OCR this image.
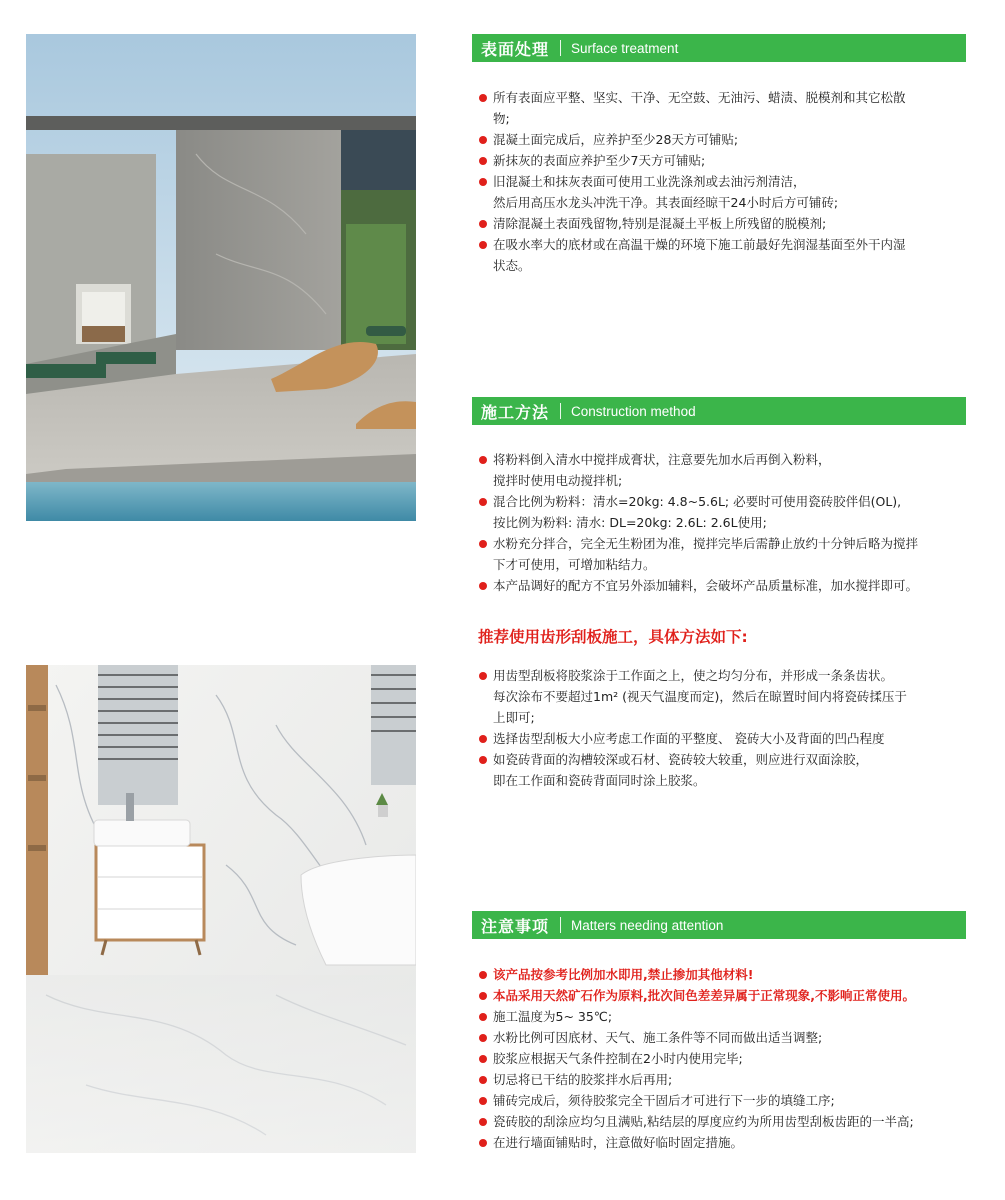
表面处理 Surface treatment
所有表面应平整、坚实、干净、无空鼓、无油污、蜡渍、脱模剂和其它松散
物;
混凝土面完成后，应养护至少28天方可铺贴;
新抹灰的表面应养护至少7天方可铺贴;
旧混凝土和抹灰表面可使用工业洗涤剂或去油污剂清洁，
然后用高压水龙头冲洗干净。其表面经晾干24小时后方可铺砖;
清除混凝土表面残留物,特别是混凝土平板上所残留的脱模剂;
在吸水率大的底材或在高温干燥的环境下施工前最好先润湿基面至外干内湿
状态。
施工方法 Construction method
将粉料倒入清水中搅拌成膏状，注意要先加水后再倒入粉料，
搅拌时使用电动搅拌机;
混合比例为粉料：清水=20kg: 4.8~5.6L; 必要时可使用瓷砖胶伴侣(OL),
按比例为粉料: 清水: DL=20kg: 2.6L: 2.6L使用;
水粉充分拌合，完全无生粉团为准，搅拌完毕后需静止放约十分钟后略为搅拌
下才可使用，可增加粘结力。
本产品调好的配方不宜另外添加辅料，会破坏产品质量标准，加水搅拌即可。
推荐使用齿形刮板施工，具体方法如下:
用齿型刮板将胶浆涂于工作面之上，使之均匀分布，并形成一条条齿状。
每次涂布不要超过1m² (视天气温度而定)，然后在晾置时间内将瓷砖揉压于
上即可;
选择齿型刮板大小应考虑工作面的平整度、 瓷砖大小及背面的凹凸程度
如瓷砖背面的沟槽较深或石材、瓷砖较大较重，则应进行双面涂胶，
即在工作面和瓷砖背面同时涂上胶浆。
注意事项 Matters needing attention
该产品按参考比例加水即用,禁止掺加其他材料!
本品采用天然矿石作为原料,批次间色差差异属于正常现象,不影响正常使用。
施工温度为5~ 35℃;
水粉比例可因底材、天气、施工条件等不同而做出适当调整;
胶浆应根据天气条件控制在2小时内使用完毕;
切忌将已干结的胶浆拌水后再用;
铺砖完成后，须待胶浆完全干固后才可进行下一步的填缝工序;
瓷砖胶的刮涂应均匀且满贴,粘结层的厚度应约为所用齿型刮板齿距的一半高;
在进行墙面铺贴时，注意做好临时固定措施。
